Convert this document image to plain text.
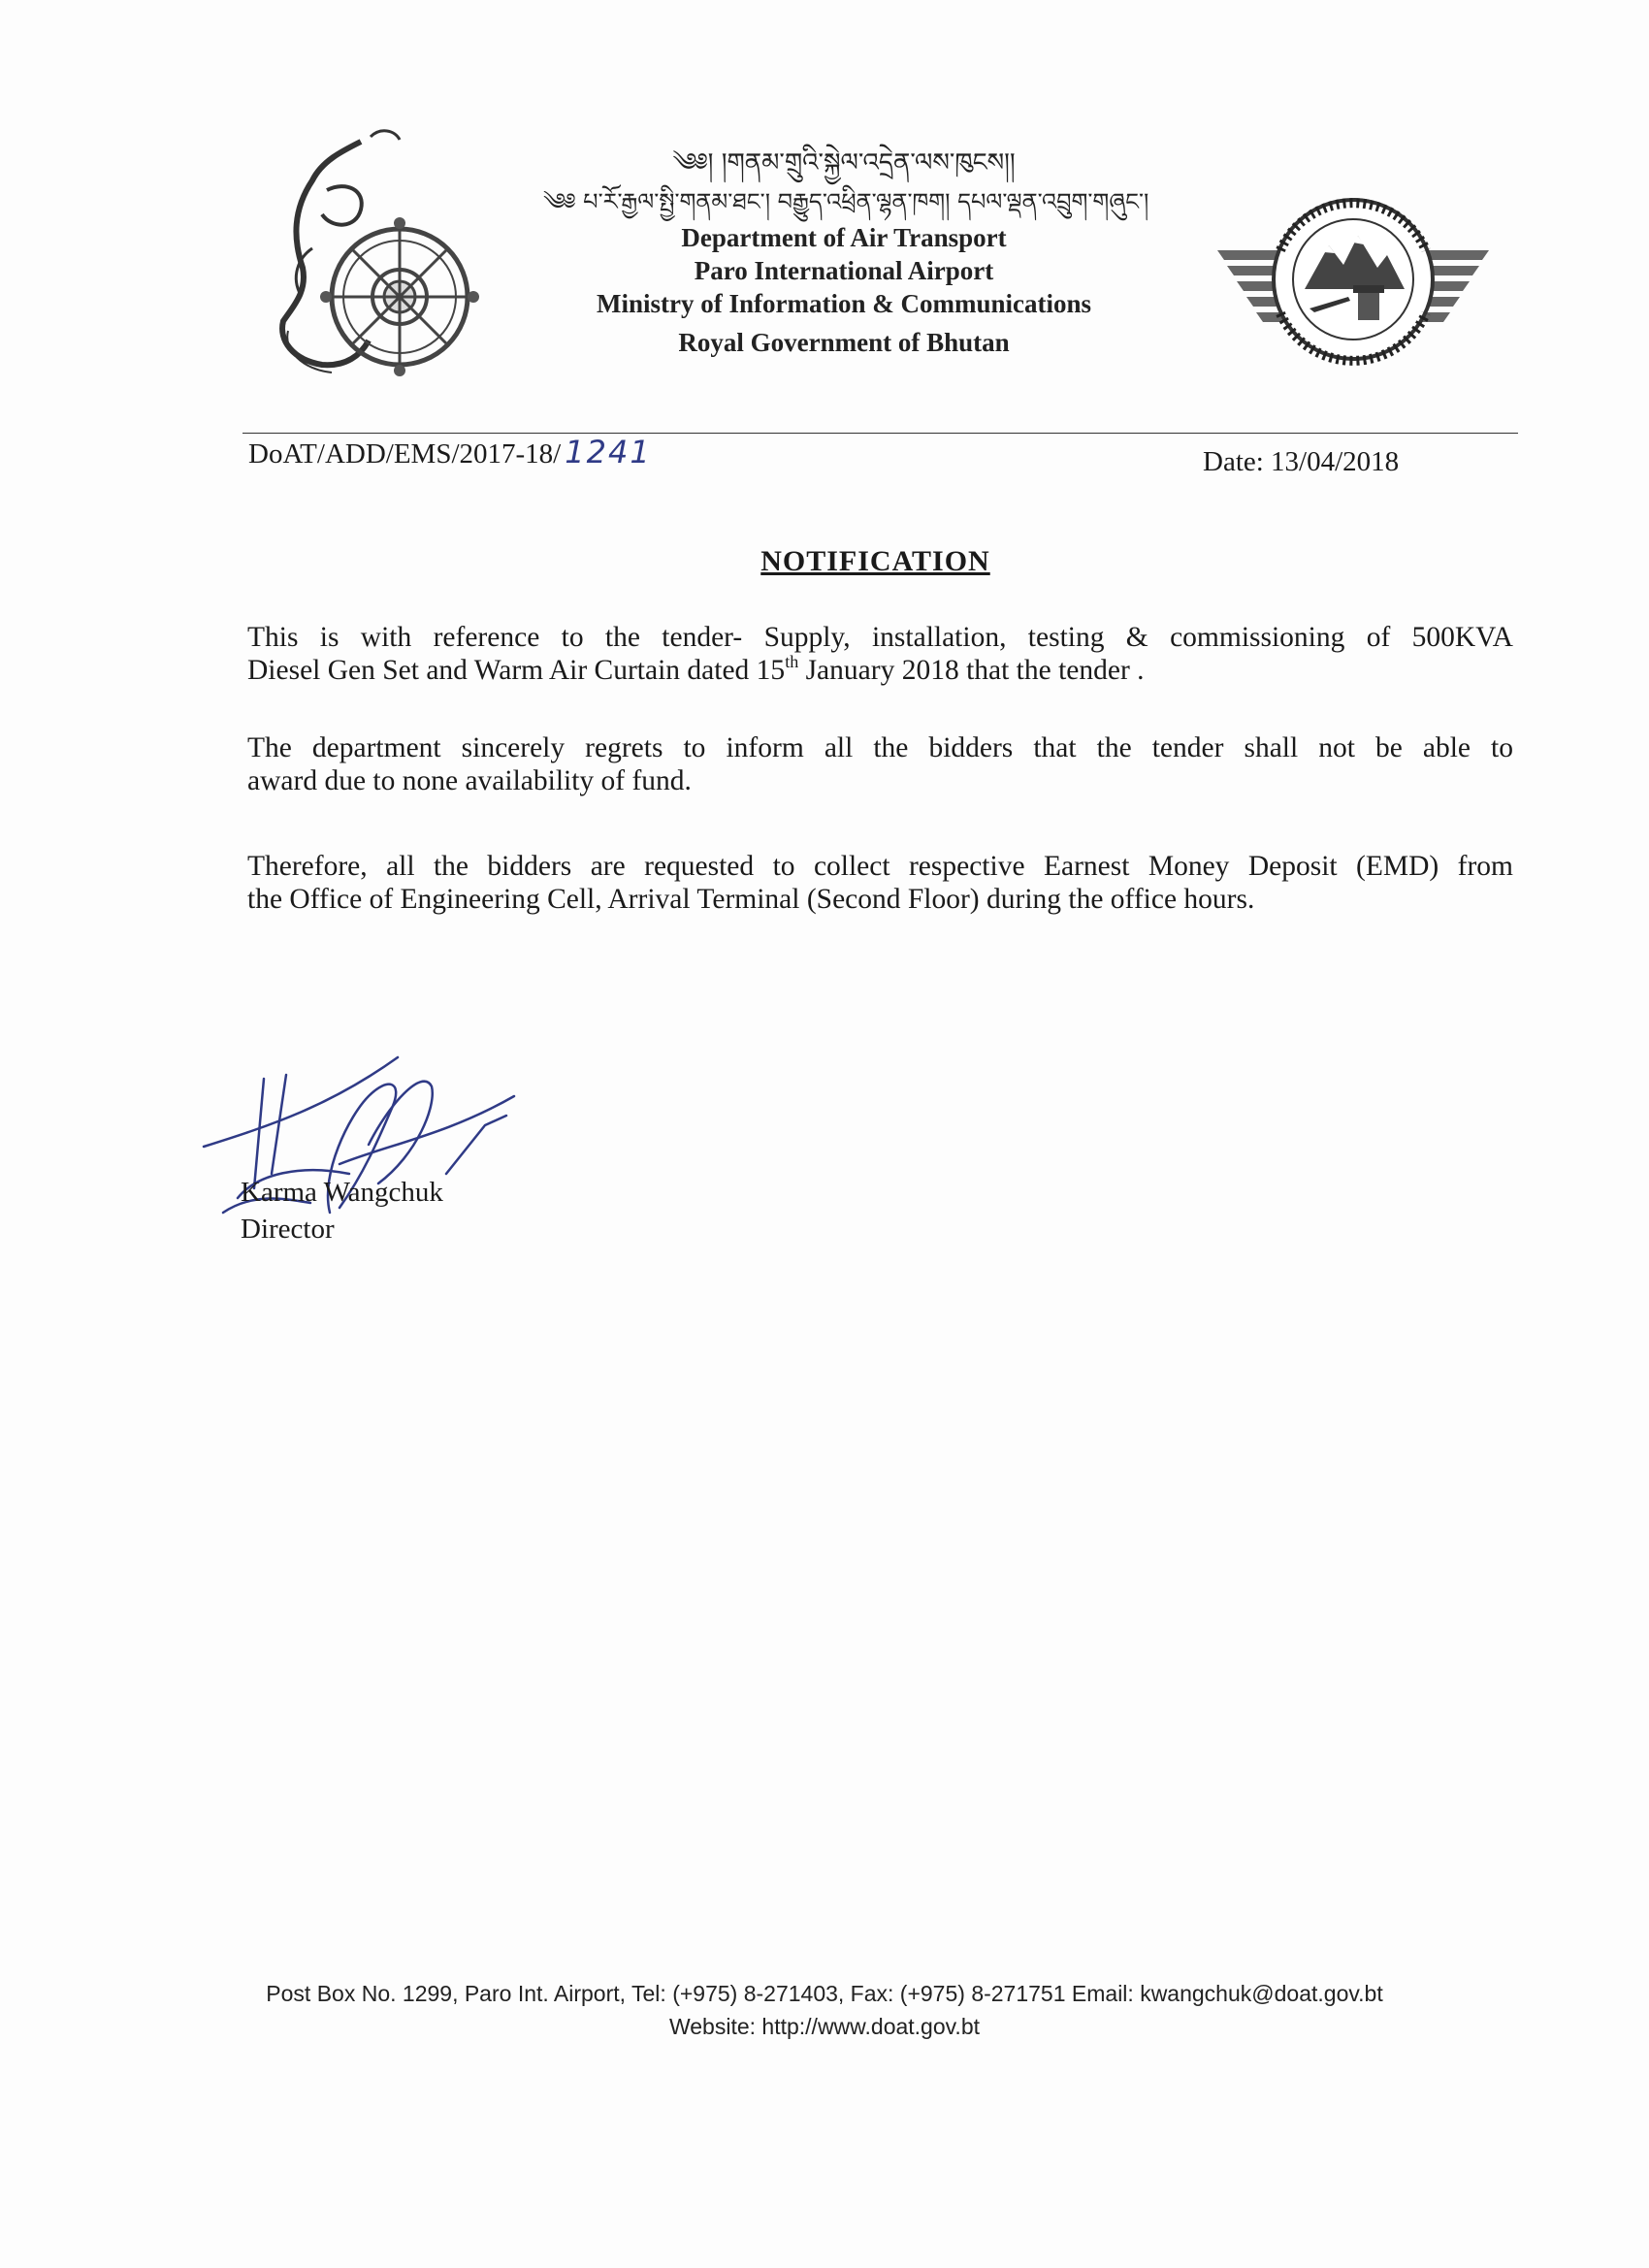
༄༅། །གནམ་གྲུའི་སྐྱེལ་འདྲེན་ལས་ཁུངས།།
༄༅ པ་རོ་རྒྱལ་སྤྱི་གནམ་ཐང་། བརྒྱུད་འཕྲིན་ལྷན་ཁག། དཔལ་ལྡན་འབྲུག་གཞུང་།
Department of Air Transport
Paro International Airport
Ministry of Information & Communications
Royal Government of Bhutan
DoAT/ADD/EMS/2017-18/ 1241	Date: 13/04/2018
NOTIFICATION
This is with reference to the tender- Supply, installation, testing & commissioning of 500KVA
Diesel Gen Set and Warm Air Curtain dated 15th January 2018 that the tender .
The department sincerely regrets to inform all the bidders that the tender shall not be able to
award due to none availability of fund.
Therefore, all the bidders are requested to collect respective Earnest Money Deposit (EMD) from
the Office of Engineering Cell, Arrival Terminal (Second Floor) during the office hours.
Karma Wangchuk
Director
Post Box No. 1299, Paro Int. Airport, Tel: (+975) 8-271403, Fax: (+975) 8-271751 Email: kwangchuk@doat.gov.bt
Website: http://www.doat.gov.bt
